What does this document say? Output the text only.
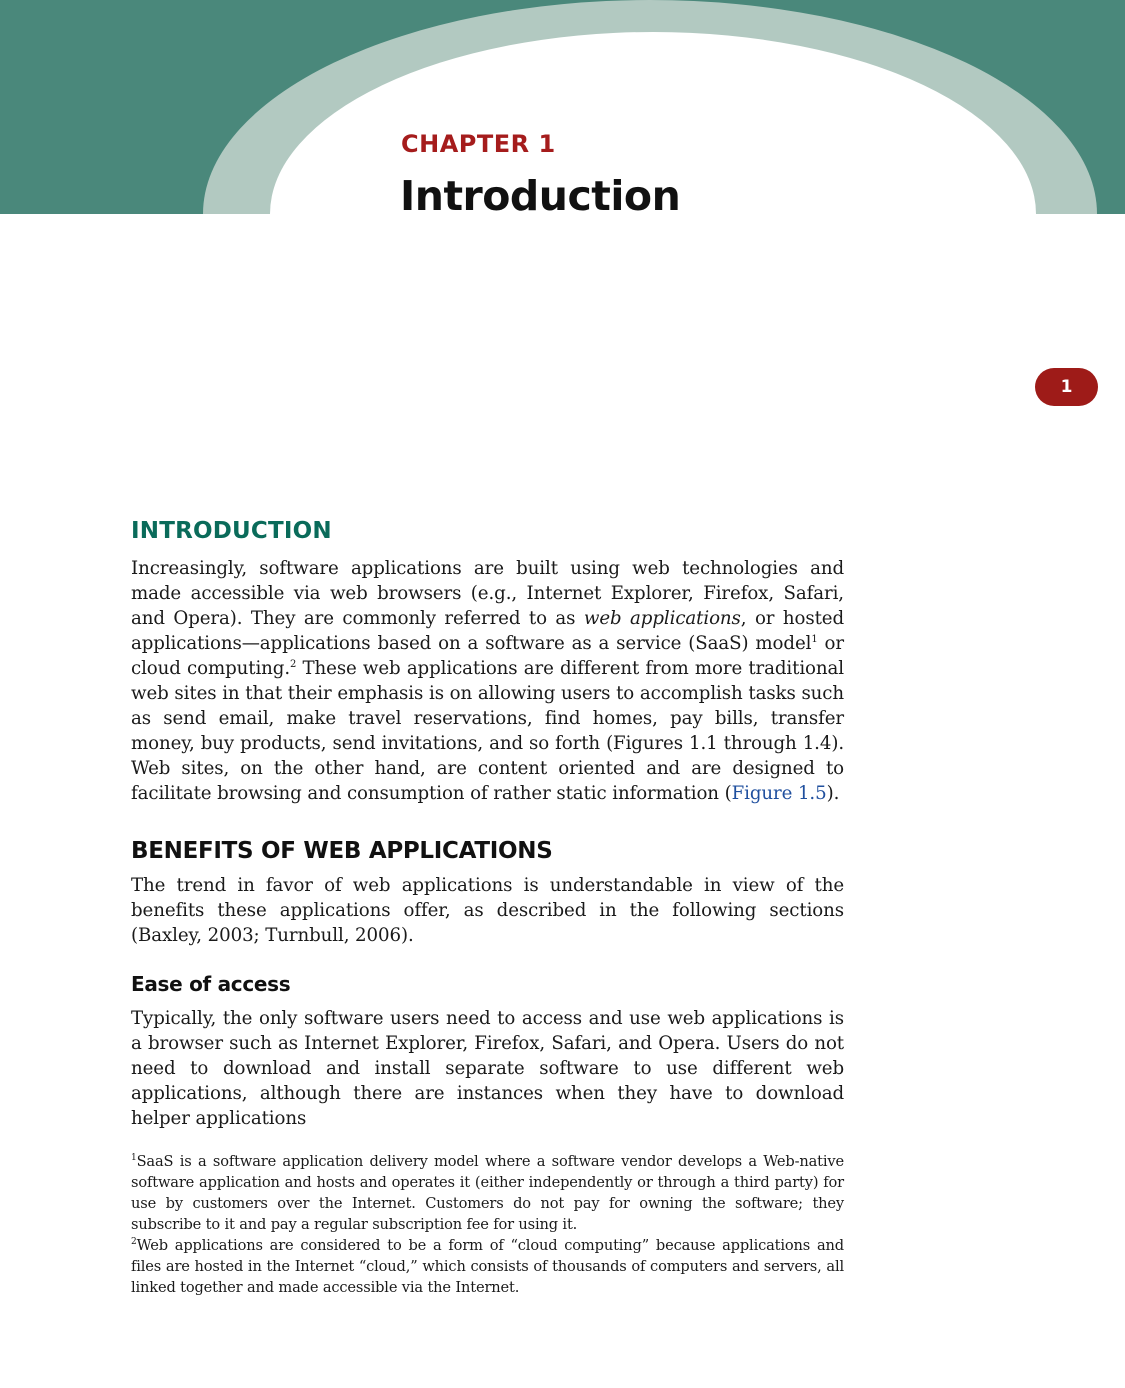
CHAPTER 1
Introduction
1
INTRODUCTION

Increasingly, software applications are built using web technologies and made accessible via web browsers (e.g., Internet Explorer, Firefox, Safari, and Opera). They are commonly referred to as web applications, or hosted applications—applications based on a software as a service (SaaS) model$^1$ or cloud computing.$^2$ These web applications are different from more traditional web sites in that their emphasis is on allowing users to accomplish tasks such as send email, make travel reservations, find homes, pay bills, transfer money, buy products, send invitations, and so forth (Figures 1.1 through 1.4). Web sites, on the other hand, are content oriented and are designed to facilitate browsing and consumption of rather static information (Figure 1.5).

BENEFITS OF WEB APPLICATIONS

The trend in favor of web applications is understandable in view of the benefits these applications offer, as described in the following sections (Baxley, 2003; Turnbull, 2006).

Ease of access

Typically, the only software users need to access and use web applications is a browser such as Internet Explorer, Firefox, Safari, and Opera. Users do not need to download and install separate software to use different web applications, although there are instances when they have to download helper applications

$^1$SaaS is a software application delivery model where a software vendor develops a Web-native software application and hosts and operates it (either independently or through a third party) for use by customers over the Internet. Customers do not pay for owning the software; they subscribe to it and pay a regular subscription fee for using it.

$^2$Web applications are considered to be a form of “cloud computing” because applications and files are hosted in the Internet “cloud,” which consists of thousands of computers and servers, all linked together and made accessible via the Internet.
